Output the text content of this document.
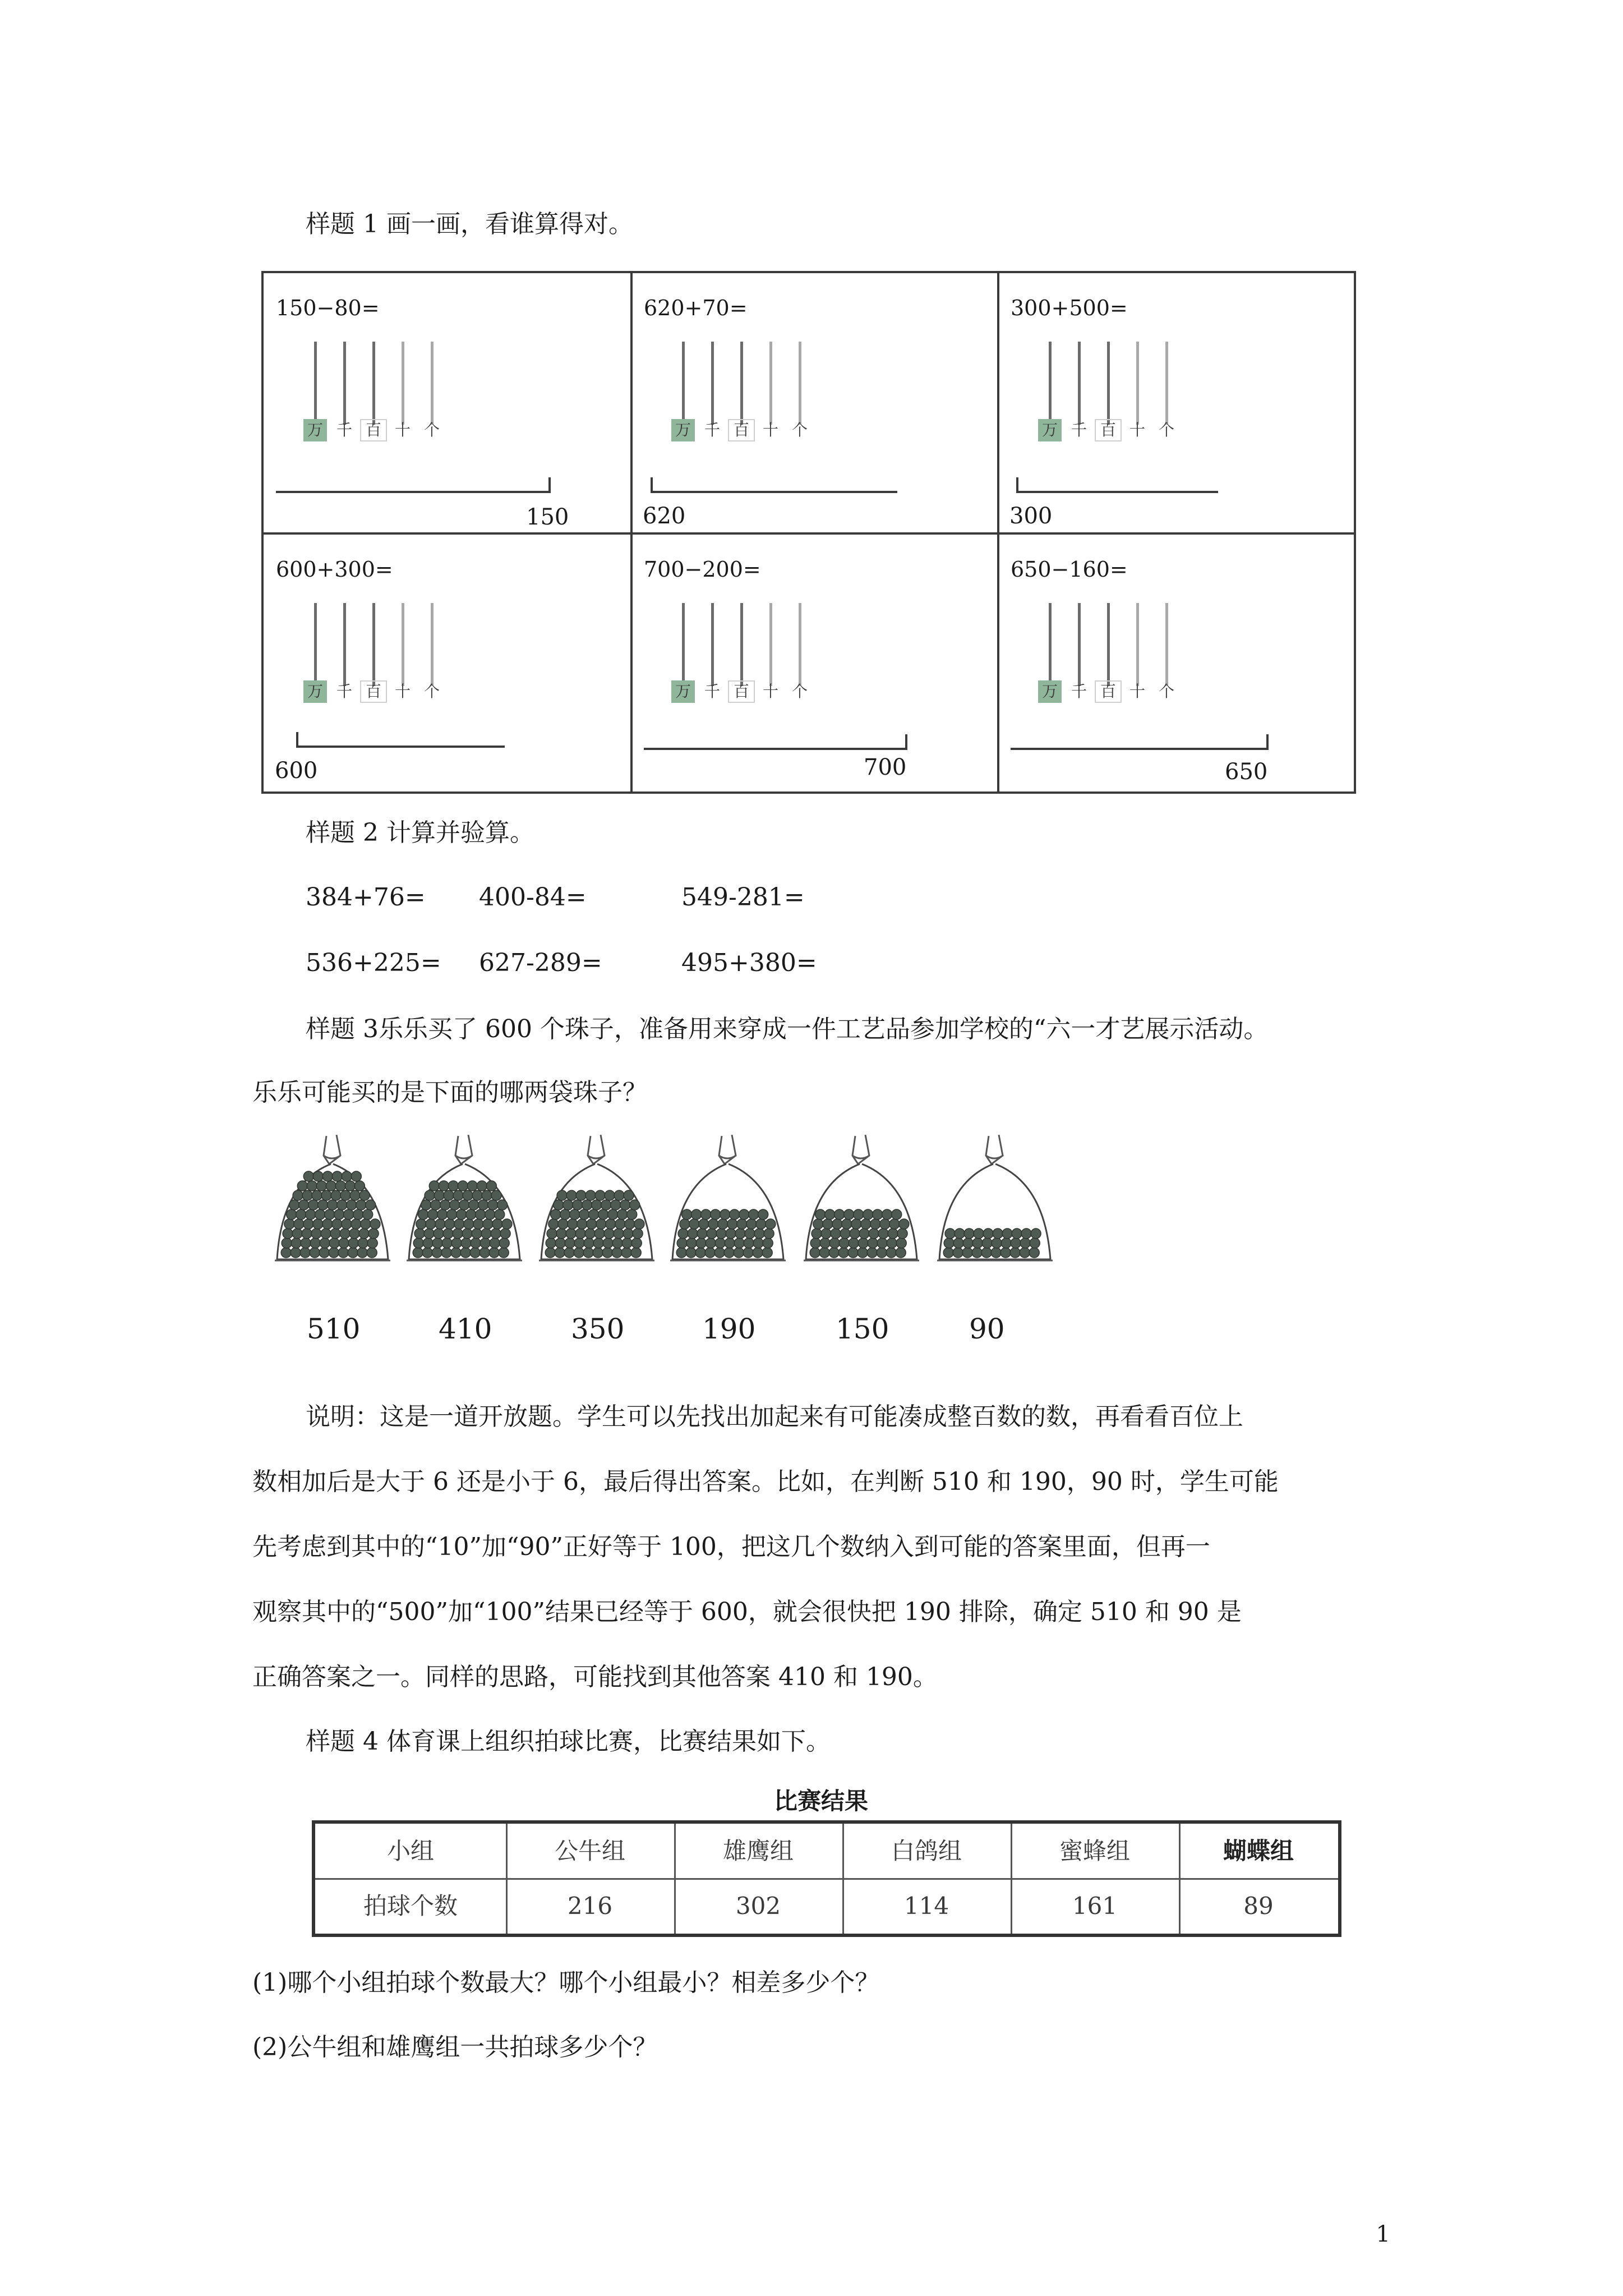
样题 1 画一画，看谁算得对。
150−80=
万 千 百 十 个
150
620+70=
万 千 百 十 个
620
300+500=
万 千 百 十 个
300
600+300=
万 千 百 十 个
600
700−200=
万 千 百 十 个
700
650−160=
万 千 百 十 个
650
样题 2 计算并验算。
384+76= 400-84=	549-281=
536+225= 627-289=	495+380=
样题 3乐乐买了 600 个珠子，准备用来穿成一件工艺品参加学校的“六一才艺展示活动。
乐乐可能买的是下面的哪两袋珠子？
510	410	350	190	150	90
说明：这是一道开放题。学生可以先找出加起来有可能凑成整百数的数，再看看百位上
数相加后是大于 6 还是小于 6，最后得出答案。比如，在判断 510 和 190，90 时，学生可能
先考虑到其中的“10”加“90”正好等于 100，把这几个数纳入到可能的答案里面，但再一
观察其中的“500”加“100”结果已经等于 600，就会很快把 190 排除，确定 510 和 90 是
正确答案之一。同样的思路，可能找到其他答案 410 和 190。
样题 4 体育课上组织拍球比赛，比赛结果如下。
比赛结果
小组	公牛组	雄鹰组	白鸽组	蜜蜂组	蝴蝶组
拍球个数	216	302	114	161	89
(1)哪个小组拍球个数最大？哪个小组最小？相差多少个？
(2)公牛组和雄鹰组一共拍球多少个？
1
